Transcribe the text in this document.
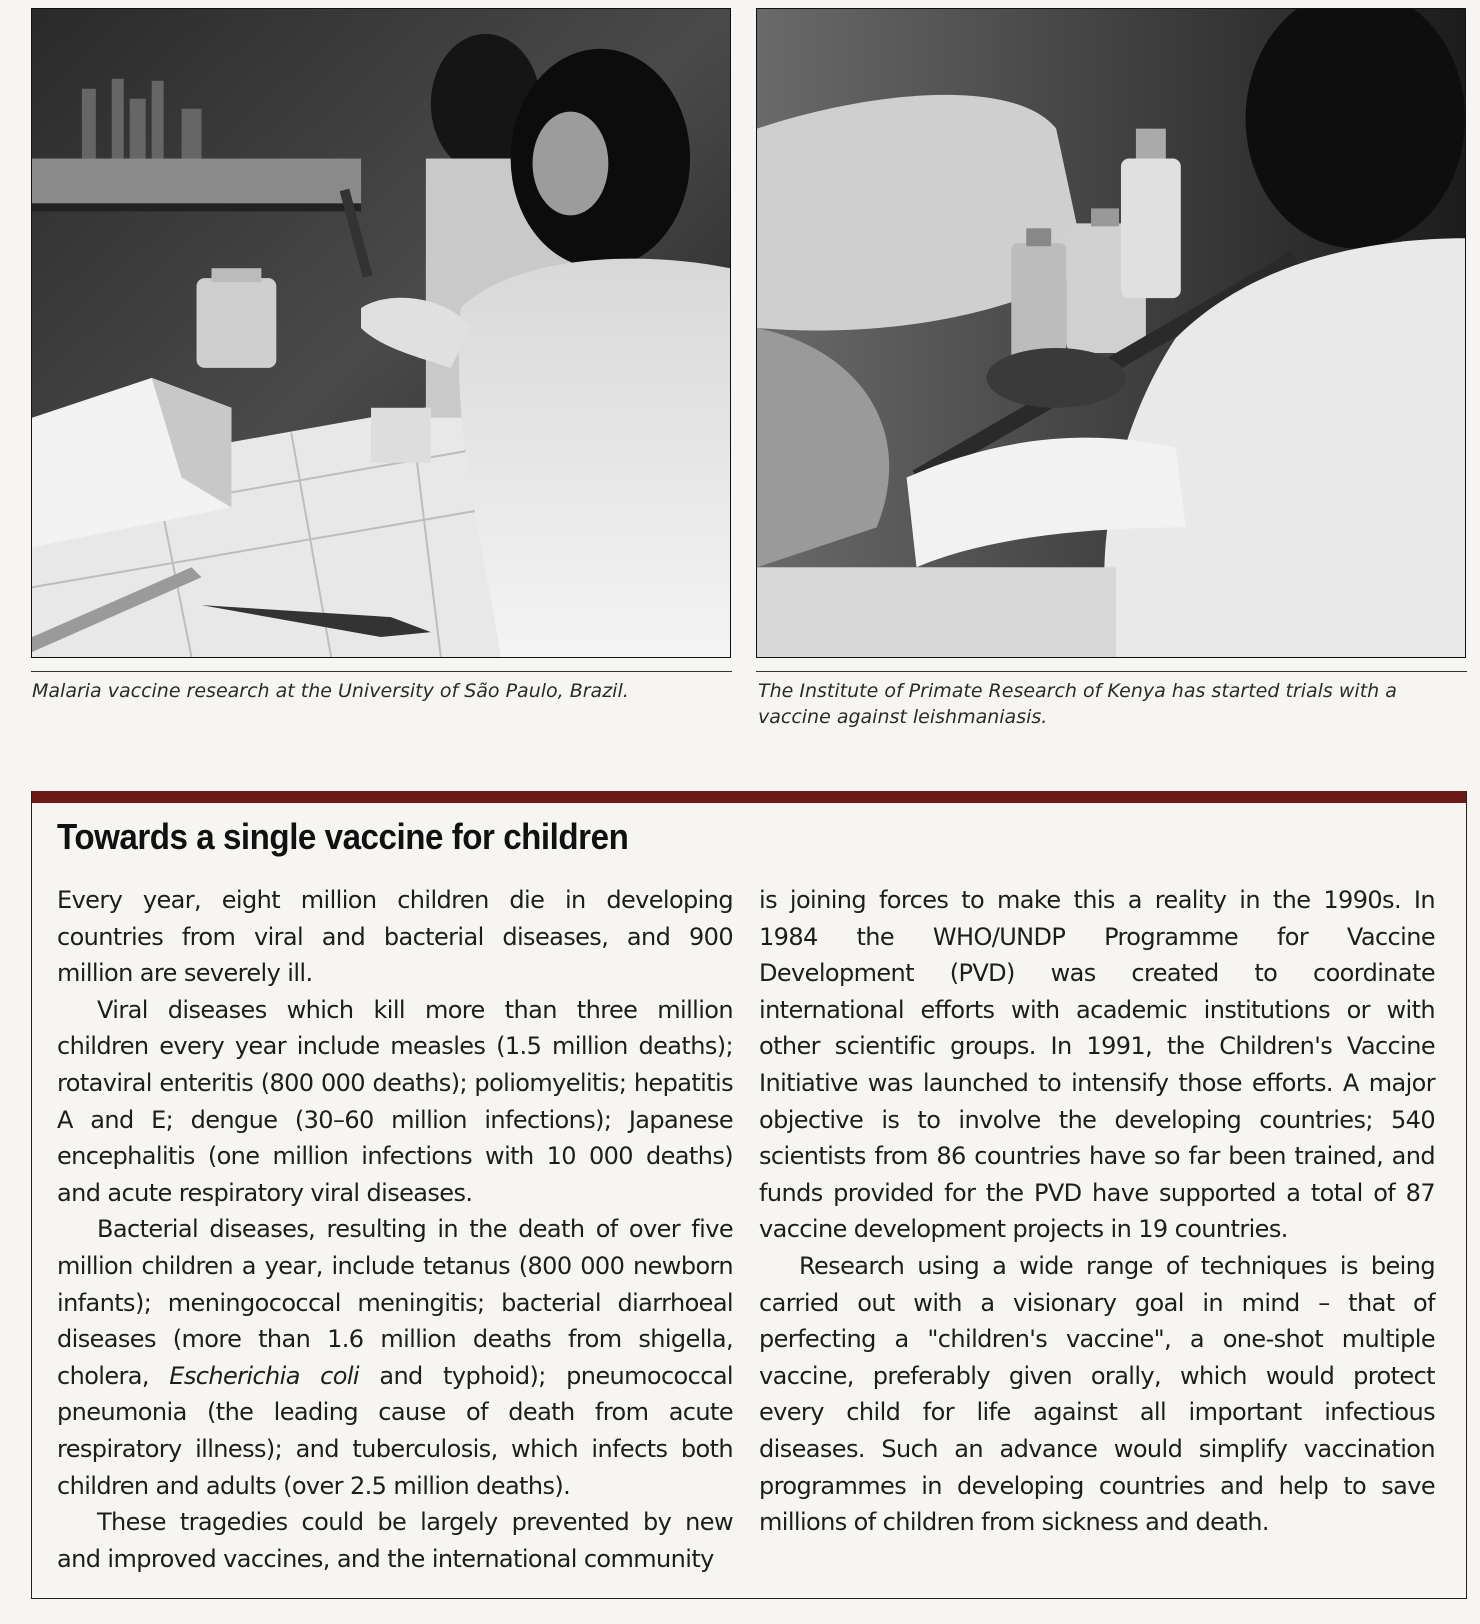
Malaria vaccine research at the University of São Paulo, Brazil.	The Institute of Primate Research of Kenya has started trials with a vaccine against leishmaniasis.

Towards a single vaccine for children

Every year, eight million children die in developing countries from viral and bacterial diseases, and 900 million are severely ill.

Viral diseases which kill more than three million children every year include measles (1.5 million deaths); rotaviral enteritis (800 000 deaths); poliomyelitis; hepatitis A and E; dengue (30–60 million infections); Japanese encephalitis (one million infections with 10 000 deaths) and acute respiratory viral diseases.

Bacterial diseases, resulting in the death of over five million children a year, include tetanus (800 000 newborn infants); meningococcal meningitis; bacterial diarrhoeal diseases (more than 1.6 million deaths from shigella, cholera, Escherichia coli and typhoid); pneumococcal pneumonia (the leading cause of death from acute respiratory illness); and tuberculosis, which infects both children and adults (over 2.5 million deaths).

These tragedies could be largely prevented by new and improved vaccines, and the international community

is joining forces to make this a reality in the 1990s. In 1984 the WHO/UNDP Programme for Vaccine Development (PVD) was created to coordinate international efforts with academic institutions or with other scientific groups. In 1991, the Children's Vaccine Initiative was launched to intensify those efforts. A major objective is to involve the developing countries; 540 scientists from 86 countries have so far been trained, and funds provided for the PVD have supported a total of 87 vaccine development projects in 19 countries.

Research using a wide range of techniques is being carried out with a visionary goal in mind – that of perfecting a "children's vaccine", a one-shot multiple vaccine, preferably given orally, which would protect every child for life against all important infectious diseases. Such an advance would simplify vaccination programmes in developing countries and help to save millions of children from sickness and death.
